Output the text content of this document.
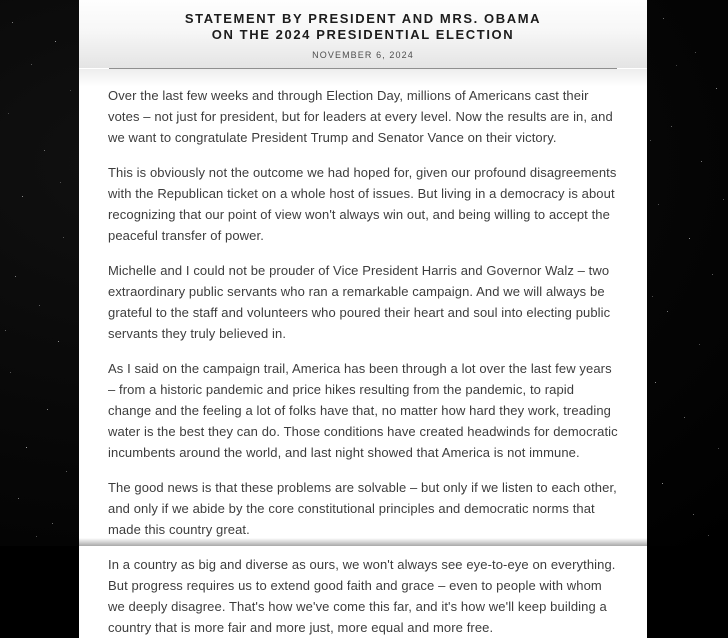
STATEMENT BY PRESIDENT AND MRS. OBAMA
ON THE 2024 PRESIDENTIAL ELECTION
NOVEMBER 6, 2024

Over the last few weeks and through Election Day, millions of Americans cast their votes – not just for president, but for leaders at every level. Now the results are in, and we want to congratulate President Trump and Senator Vance on their victory.

This is obviously not the outcome we had hoped for, given our profound disagreements with the Republican ticket on a whole host of issues. But living in a democracy is about recognizing that our point of view won't always win out, and being willing to accept the peaceful transfer of power.

Michelle and I could not be prouder of Vice President Harris and Governor Walz – two extraordinary public servants who ran a remarkable campaign. And we will always be grateful to the staff and volunteers who poured their heart and soul into electing public servants they truly believed in.

As I said on the campaign trail, America has been through a lot over the last few years – from a historic pandemic and price hikes resulting from the pandemic, to rapid change and the feeling a lot of folks have that, no matter how hard they work, treading water is the best they can do. Those conditions have created headwinds for democratic incumbents around the world, and last night showed that America is not immune.

The good news is that these problems are solvable – but only if we listen to each other, and only if we abide by the core constitutional principles and democratic norms that made this country great.

In a country as big and diverse as ours, we won't always see eye-to-eye on everything. But progress requires us to extend good faith and grace – even to people with whom we deeply disagree. That's how we've come this far, and it's how we'll keep building a country that is more fair and more just, more equal and more free.
